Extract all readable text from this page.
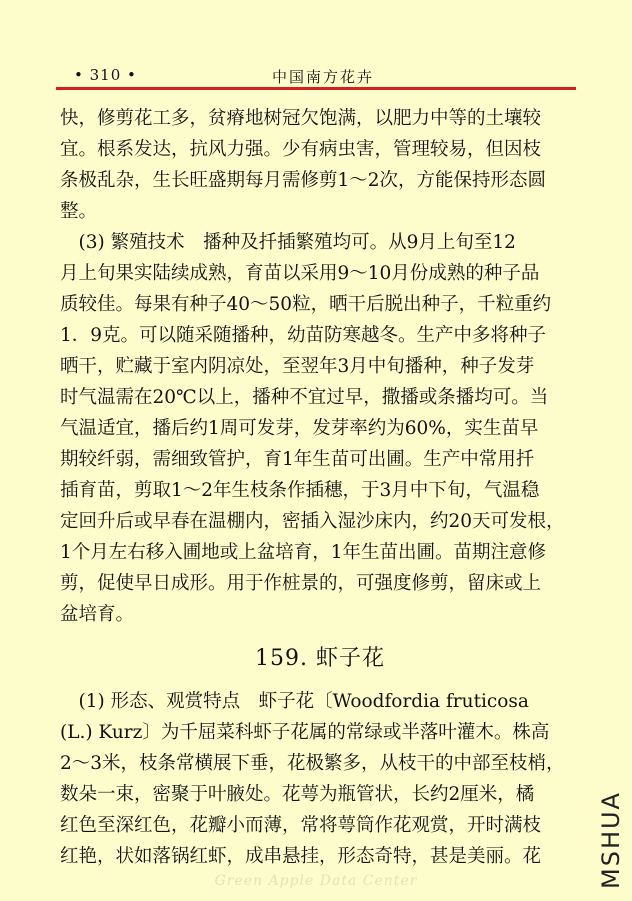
• 310 •	中国南方花卉
快，修剪花工多，贫瘠地树冠欠饱满，以肥力中等的土壤较
宜。根系发达，抗风力强。少有病虫害，管理较易，但因枝
条极乱杂，生长旺盛期每月需修剪1～2次，方能保持形态圆
整。
　(3) 繁殖技术　播种及扦插繁殖均可。从9月上旬至12
月上旬果实陆续成熟，育苗以采用9～10月份成熟的种子品
质较佳。每果有种子40～50粒，晒干后脱出种子，千粒重约
1．9克。可以随采随播种，幼苗防寒越冬。生产中多将种子
晒干，贮藏于室内阴凉处，至翌年3月中旬播种，种子发芽
时气温需在20℃以上，播种不宜过早，撒播或条播均可。当
气温适宜，播后约1周可发芽，发芽率约为60%，实生苗早
期较纤弱，需细致管护，育1年生苗可出圃。生产中常用扦
插育苗，剪取1～2年生枝条作插穗，于3月中下旬，气温稳
定回升后或早春在温棚内，密插入湿沙床内，约20天可发根，
1个月左右移入圃地或上盆培育，1年生苗出圃。苗期注意修
剪，促使早日成形。用于作桩景的，可强度修剪，留床或上
盆培育。
159. 虾子花
　(1) 形态、观赏特点　虾子花〔Woodfordia fruticosa
(L.) Kurz〕为千屈菜科虾子花属的常绿或半落叶灌木。株高
2～3米，枝条常横展下垂，花极繁多，从枝干的中部至枝梢，
数朵一束，密聚于叶腋处。花萼为瓶管状，长约2厘米，橘
红色至深红色，花瓣小而薄，常将萼筒作花观赏，开时满枝
红艳，状如落锅红虾，成串悬挂，形态奇特，甚是美丽。花
Green Apple Data Center	MSHUA
